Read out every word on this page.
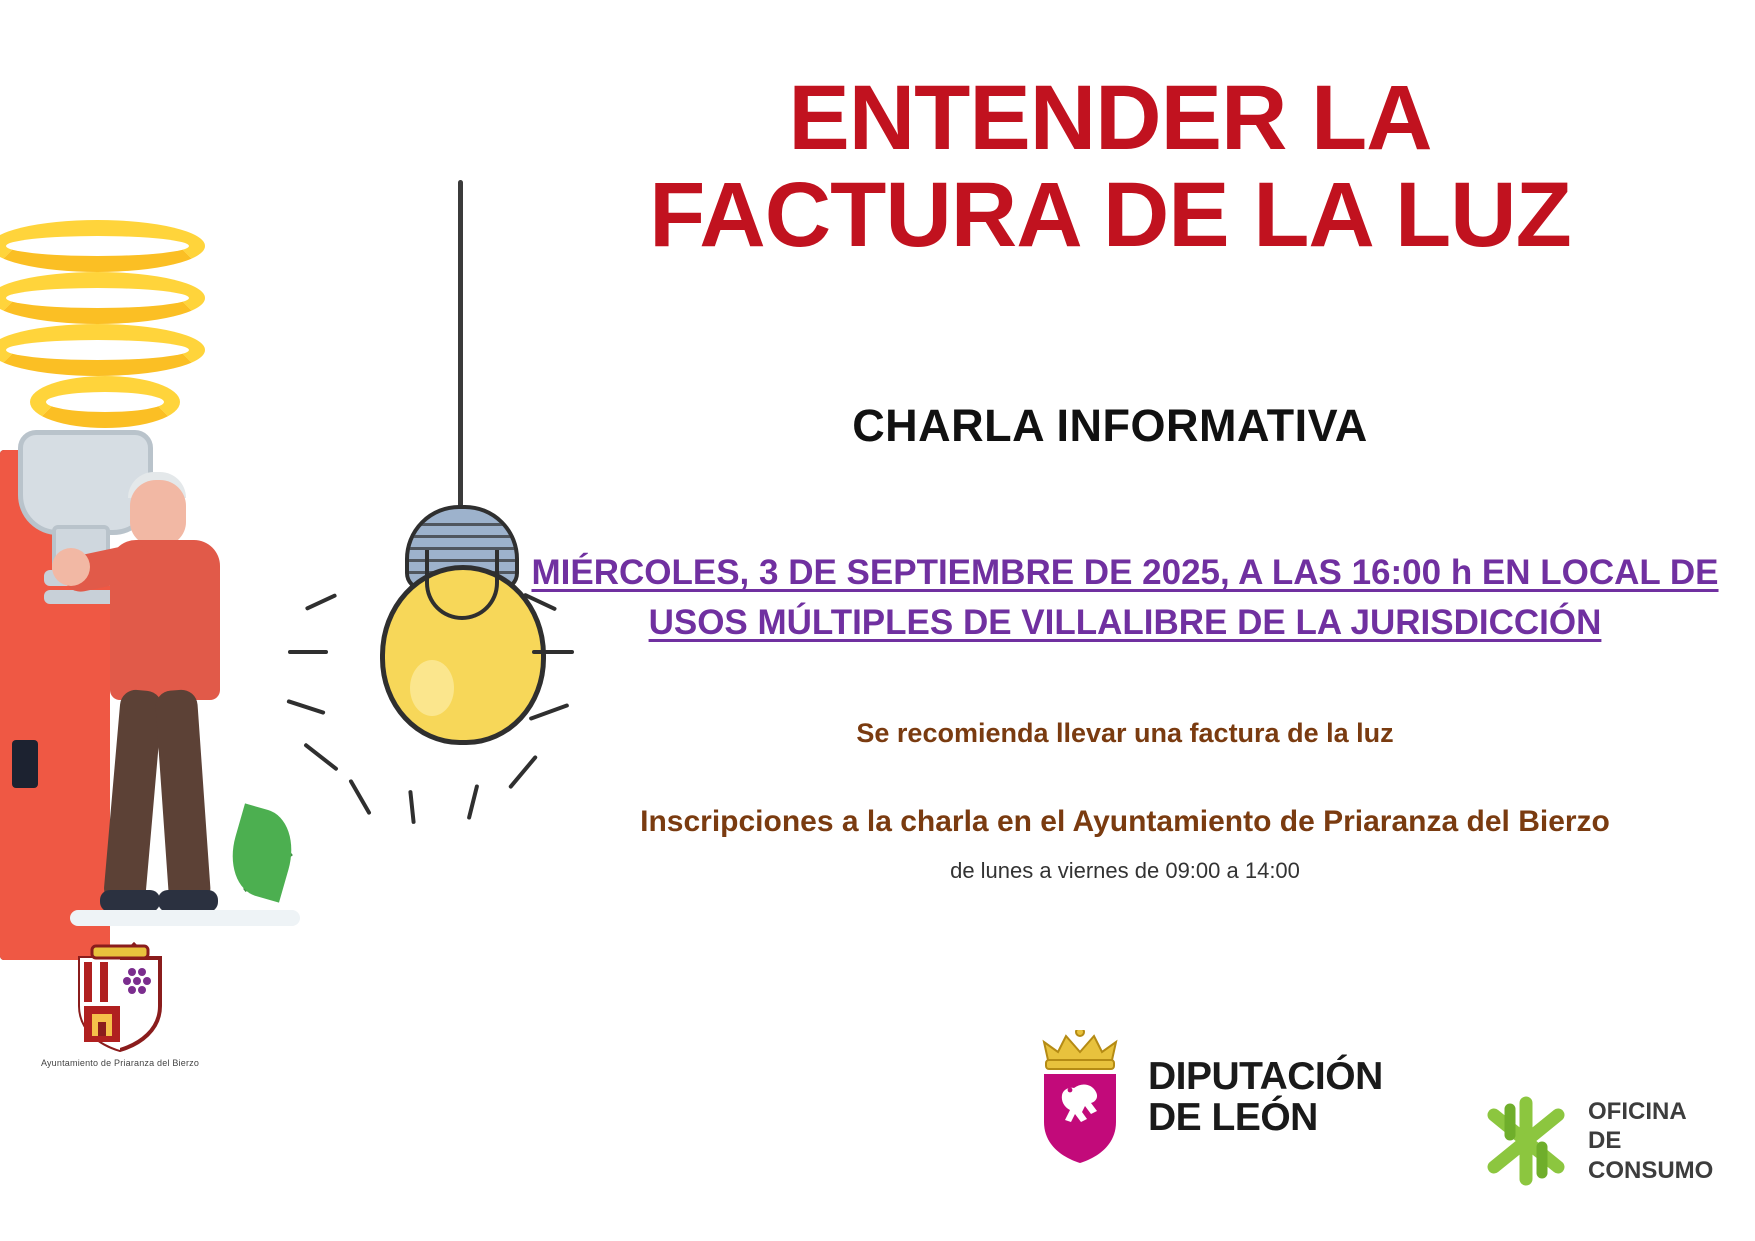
ENTENDER LA
FACTURA DE LA LUZ
CHARLA INFORMATIVA
MIÉRCOLES, 3 DE SEPTIEMBRE DE 2025, A LAS 16:00 h EN LOCAL DE USOS MÚLTIPLES DE VILLALIBRE DE LA JURISDICCIÓN
Se recomienda llevar una factura de la luz
Inscripciones a la charla en el Ayuntamiento de Priaranza del Bierzo
de lunes a viernes de 09:00 a 14:00
Ayuntamiento de Priaranza del Bierzo	DIPUTACIÓN
DE LEÓN	OFICINA
DE
CONSUMO
